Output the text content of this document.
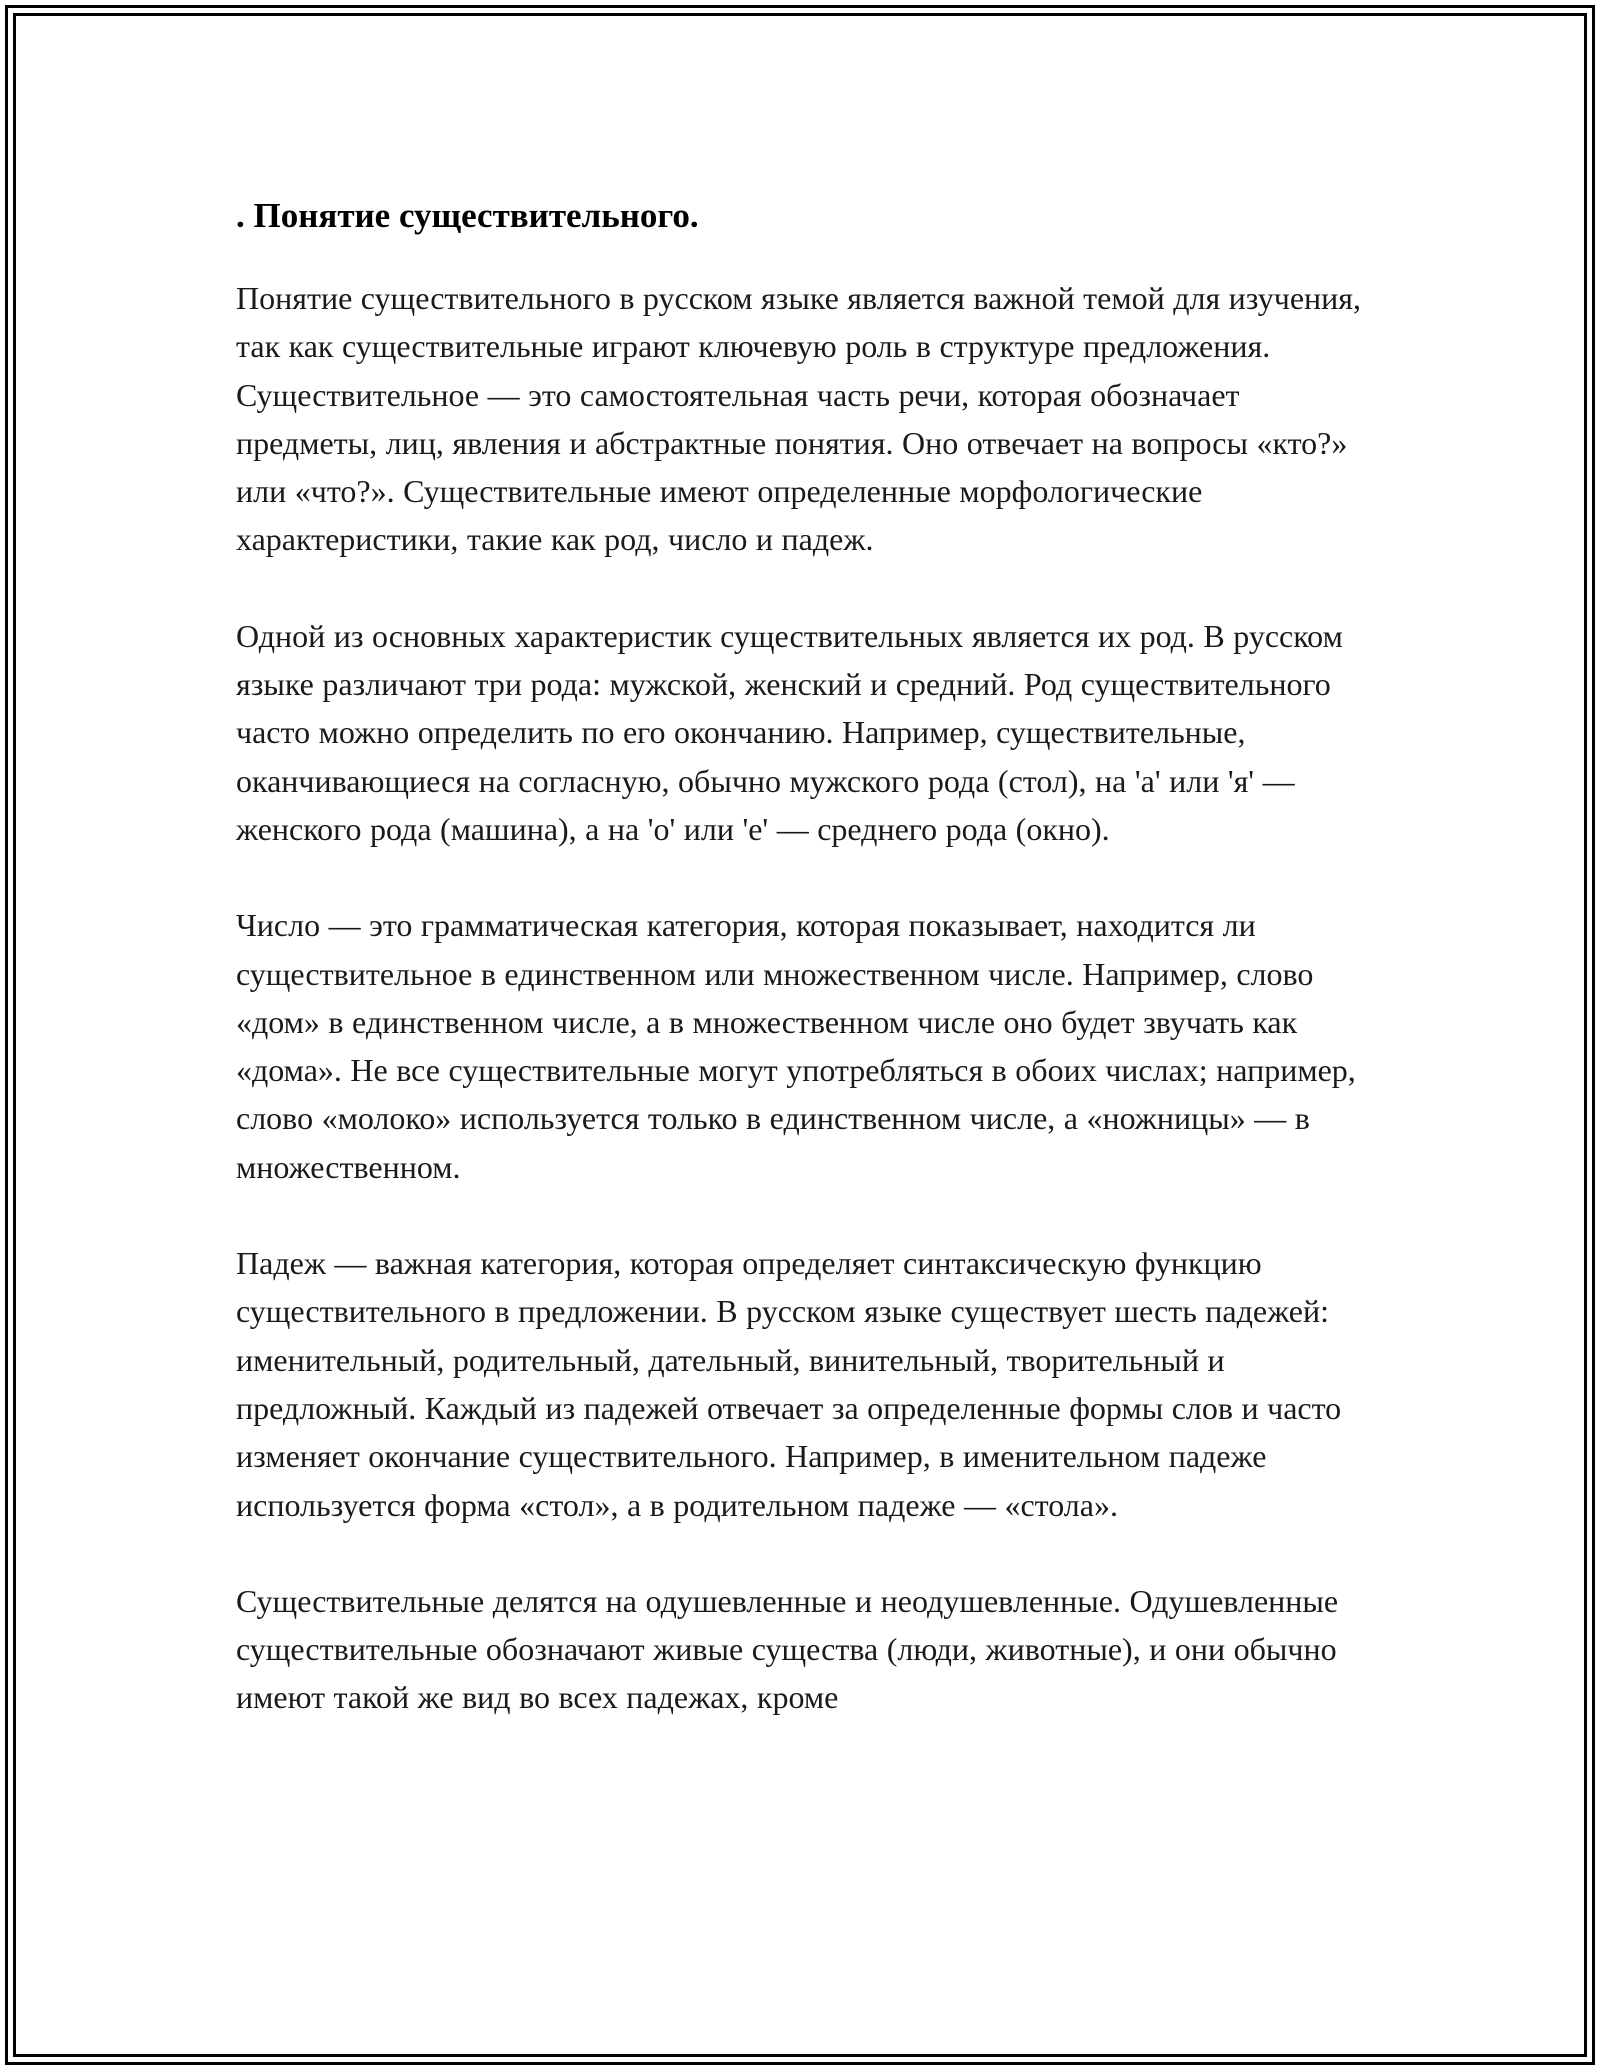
. Понятие существительного.

Понятие существительного в русском языке является важной темой для изучения, так как существительные играют ключевую роль в структуре предложения. Существительное — это самостоятельная часть речи, которая обозначает предметы, лиц, явления и абстрактные понятия. Оно отвечает на вопросы «кто?» или «что?». Существительные имеют определенные морфологические характеристики, такие как род, число и падеж.

Одной из основных характеристик существительных является их род. В русском языке различают три рода: мужской, женский и средний. Род существительного часто можно определить по его окончанию. Например, существительные, оканчивающиеся на согласную, обычно мужского рода (стол), на 'а' или 'я' — женского рода (машина), а на 'о' или 'е' — среднего рода (окно).

Число — это грамматическая категория, которая показывает, находится ли существительное в единственном или множественном числе. Например, слово «дом» в единственном числе, а в множественном числе оно будет звучать как «дома». Не все существительные могут употребляться в обоих числах; например, слово «молоко» используется только в единственном числе, а «ножницы» — в множественном.

Падеж — важная категория, которая определяет синтаксическую функцию существительного в предложении. В русском языке существует шесть падежей: именительный, родительный, дательный, винительный, творительный и предложный. Каждый из падежей отвечает за определенные формы слов и часто изменяет окончание существительного. Например, в именительном падеже используется форма «стол», а в родительном падеже — «стола».

Существительные делятся на одушевленные и неодушевленные. Одушевленные существительные обозначают живые существа (люди, животные), и они обычно имеют такой же вид во всех падежах, кроме
